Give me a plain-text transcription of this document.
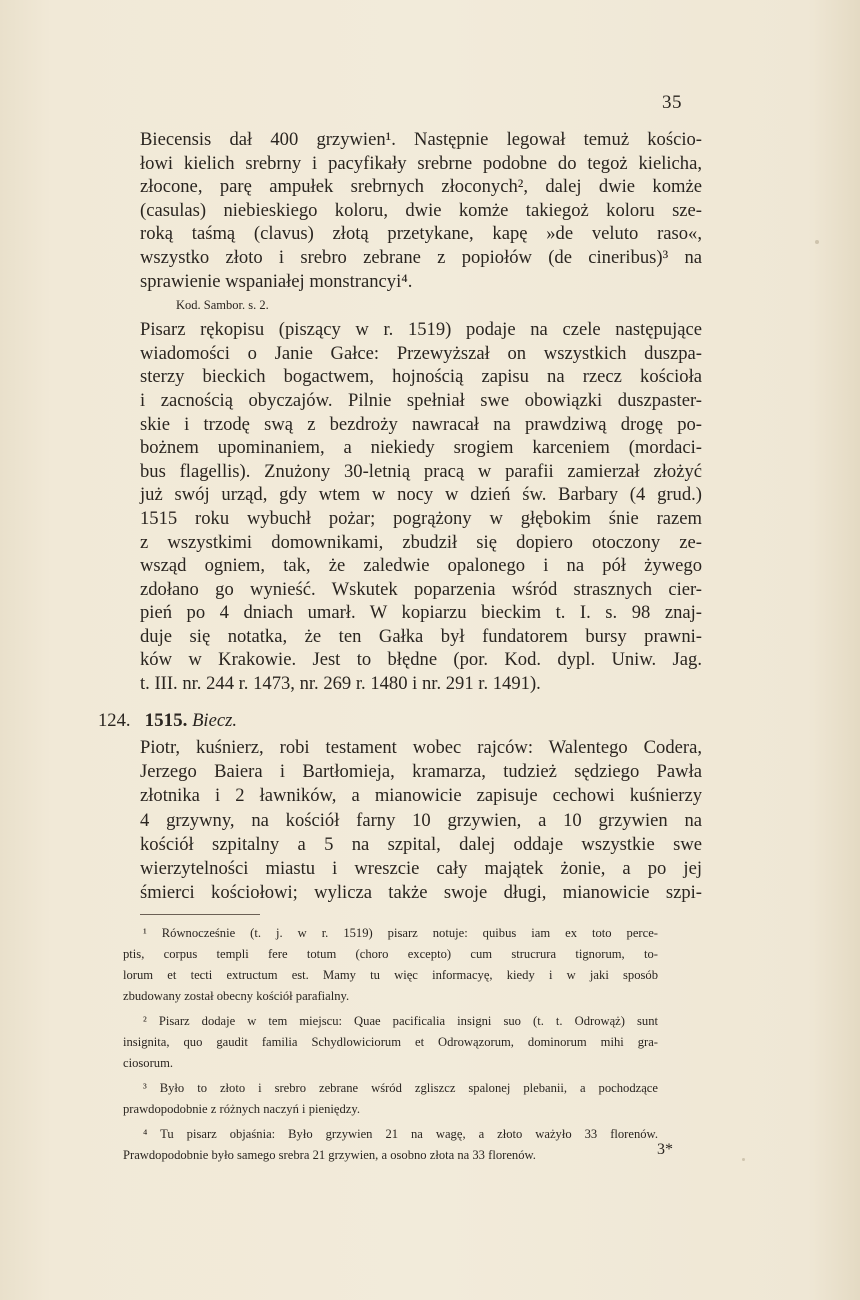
35
Biecensis dał 400 grzywien¹. Następnie legował temuż kościo-
łowi kielich srebrny i pacyfikały srebrne podobne do tegoż kielicha,
złocone, parę ampułek srebrnych złoconych², dalej dwie komże
(casulas) niebieskiego koloru, dwie komże takiegoż koloru sze-
roką taśmą (clavus) złotą przetykane, kapę »de veluto raso«,
wszystko złoto i srebro zebrane z popiołów (de cineribus)³ na
sprawienie wspaniałej monstrancyi⁴.
Kod. Sambor. s. 2.
Pisarz rękopisu (piszący w r. 1519) podaje na czele następujące
wiadomości o Janie Gałce: Przewyższał on wszystkich duszpa-
sterzy bieckich bogactwem, hojnością zapisu na rzecz kościoła
i zacnością obyczajów. Pilnie spełniał swe obowiązki duszpaster-
skie i trzodę swą z bezdroży nawracał na prawdziwą drogę po-
bożnem upominaniem, a niekiedy srogiem karceniem (mordaci-
bus flagellis). Znużony 30-letnią pracą w parafii zamierzał złożyć
już swój urząd, gdy wtem w nocy w dzień św. Barbary (4 grud.)
1515 roku wybuchł pożar; pogrążony w głębokim śnie razem
z wszystkimi domownikami, zbudził się dopiero otoczony ze-
wsząd ogniem, tak, że zaledwie opalonego i na pół żywego
zdołano go wynieść. Wskutek poparzenia wśród strasznych cier-
pień po 4 dniach umarł. W kopiarzu bieckim t. I. s. 98 znaj-
duje się notatka, że ten Gałka był fundatorem bursy prawni-
ków w Krakowie. Jest to błędne (por. Kod. dypl. Uniw. Jag.
t. III. nr. 244 r. 1473, nr. 269 r. 1480 i nr. 291 r. 1491).
124. 1515. Biecz.
Piotr, kuśnierz, robi testament wobec rajców: Walentego Codera,
Jerzego Baiera i Bartłomieja, kramarza, tudzież sędziego Pawła
złotnika i 2 ławników, a mianowicie zapisuje cechowi kuśnierzy
4 grzywny, na kościół farny 10 grzywien, a 10 grzywien na
kościół szpitalny a 5 na szpital, dalej oddaje wszystkie swe
wierzytelności miastu i wreszcie cały majątek żonie, a po jej
śmierci kościołowi; wylicza także swoje długi, mianowicie szpi-
¹ Równocześnie (t. j. w r. 1519) pisarz notuje: quibus iam ex toto perce-
ptis, corpus templi fere totum (choro excepto) cum strucrura tignorum, to-
lorum et tecti extructum est. Mamy tu więc informacyę, kiedy i w jaki sposób
zbudowany został obecny kościół parafialny.
² Pisarz dodaje w tem miejscu: Quae pacificalia insigni suo (t. t. Odrowąż) sunt
insignita, quo gaudit familia Schydlowiciorum et Odrowązorum, dominorum mihi gra-
ciosorum.
³ Było to złoto i srebro zebrane wśród zgliszcz spalonej plebanii, a pochodzące
prawdopodobnie z różnych naczyń i pieniędzy.
⁴ Tu pisarz objaśnia: Było grzywien 21 na wagę, a złoto ważyło 33 florenów.
Prawdopodobnie było samego srebra 21 grzywien, a osobno złota na 33 florenów.	3*
